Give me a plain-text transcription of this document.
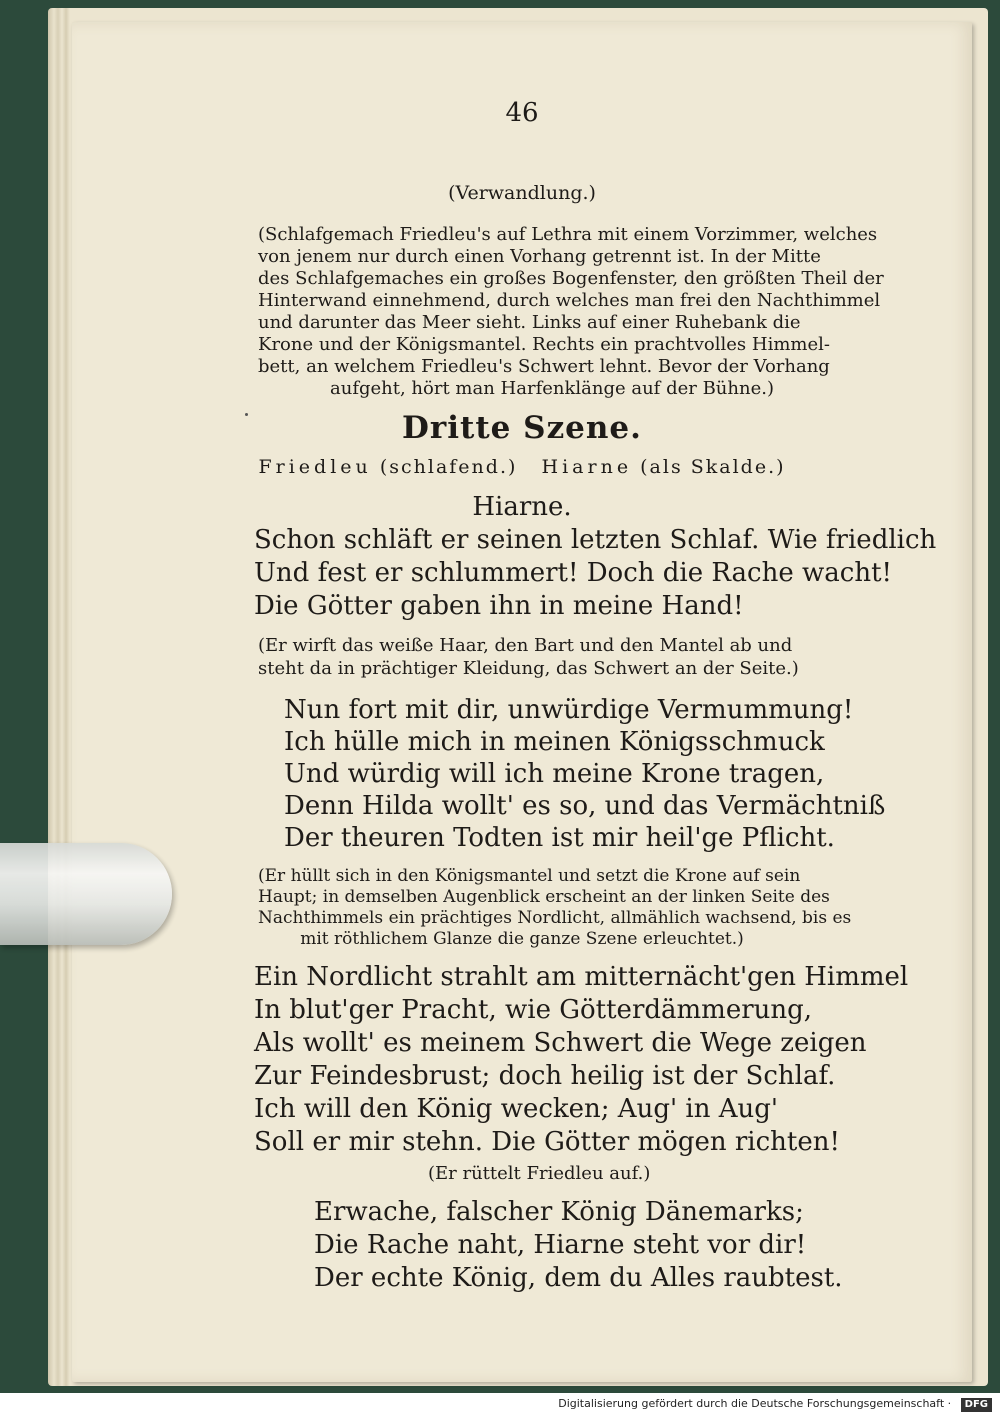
46
(Verwandlung.)
(Schlafgemach Friedleu's auf Lethra mit einem Vorzimmer, welches
von jenem nur durch einen Vorhang getrennt ist. In der Mitte
des Schlafgemaches ein großes Bogenfenster, den größten Theil der
Hinterwand einnehmend, durch welches man frei den Nachthimmel
und darunter das Meer sieht. Links auf einer Ruhebank die
Krone und der Königsmantel. Rechts ein prachtvolles Himmel-
bett, an welchem Friedleu's Schwert lehnt. Bevor der Vorhang
aufgeht, hört man Harfenklänge auf der Bühne.)
Dritte Szene.
Friedleu (schlafend.) Hiarne (als Skalde.)
Hiarne.
Schon schläft er seinen letzten Schlaf. Wie friedlich
Und fest er schlummert! Doch die Rache wacht!
Die Götter gaben ihn in meine Hand!
(Er wirft das weiße Haar, den Bart und den Mantel ab und
steht da in prächtiger Kleidung, das Schwert an der Seite.)
Nun fort mit dir, unwürdige Vermummung!
Ich hülle mich in meinen Königsschmuck
Und würdig will ich meine Krone tragen,
Denn Hilda wollt' es so, und das Vermächtniß
Der theuren Todten ist mir heil'ge Pflicht.
(Er hüllt sich in den Königsmantel und setzt die Krone auf sein
Haupt; in demselben Augenblick erscheint an der linken Seite des
Nachthimmels ein prächtiges Nordlicht, allmählich wachsend, bis es
mit röthlichem Glanze die ganze Szene erleuchtet.)
Ein Nordlicht strahlt am mitternächt'gen Himmel
In blut'ger Pracht, wie Götterdämmerung,
Als wollt' es meinem Schwert die Wege zeigen
Zur Feindesbrust; doch heilig ist der Schlaf.
Ich will den König wecken; Aug' in Aug'
Soll er mir stehn. Die Götter mögen richten!
(Er rüttelt Friedleu auf.)
Erwache, falscher König Dänemarks;
Die Rache naht, Hiarne steht vor dir!
Der echte König, dem du Alles raubtest.
Digitalisierung gefördert durch die Deutsche Forschungsgemeinschaft · DFG
